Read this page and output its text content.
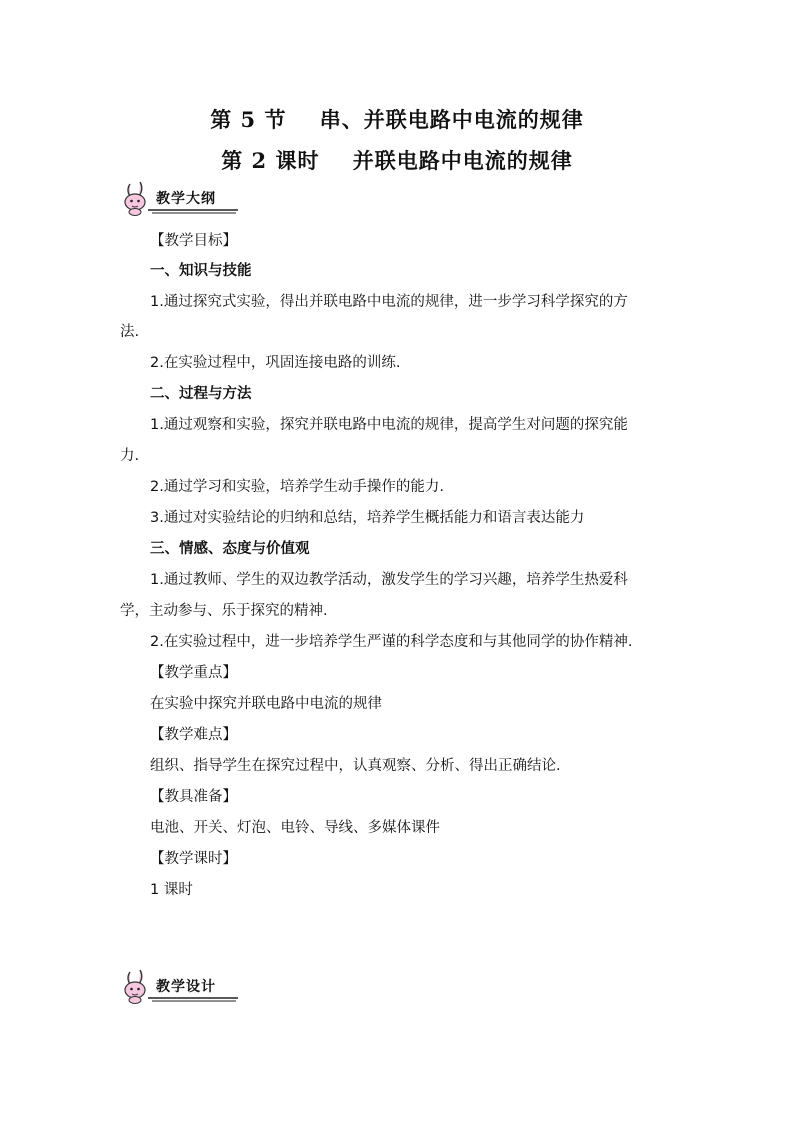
第 5 节    串、并联电路中电流的规律
第 2 课时    并联电路中电流的规律
教学大纲
【教学目标】
一、知识与技能
1.通过探究式实验，得出并联电路中电流的规律，进一步学习科学探究的方
法.
2.在实验过程中，巩固连接电路的训练.
二、过程与方法
1.通过观察和实验，探究并联电路中电流的规律，提高学生对问题的探究能
力.
2.通过学习和实验，培养学生动手操作的能力.
3.通过对实验结论的归纳和总结，培养学生概括能力和语言表达能力
三、情感、态度与价值观
1.通过教师、学生的双边教学活动，激发学生的学习兴趣，培养学生热爱科
学，主动参与、乐于探究的精神.
2.在实验过程中，进一步培养学生严谨的科学态度和与其他同学的协作精神.
【教学重点】
在实验中探究并联电路中电流的规律
【教学难点】
组织、指导学生在探究过程中，认真观察、分析、得出正确结论.
【教具准备】
电池、开关、灯泡、电铃、导线、多媒体课件
【教学课时】
1 课时
教学设计
